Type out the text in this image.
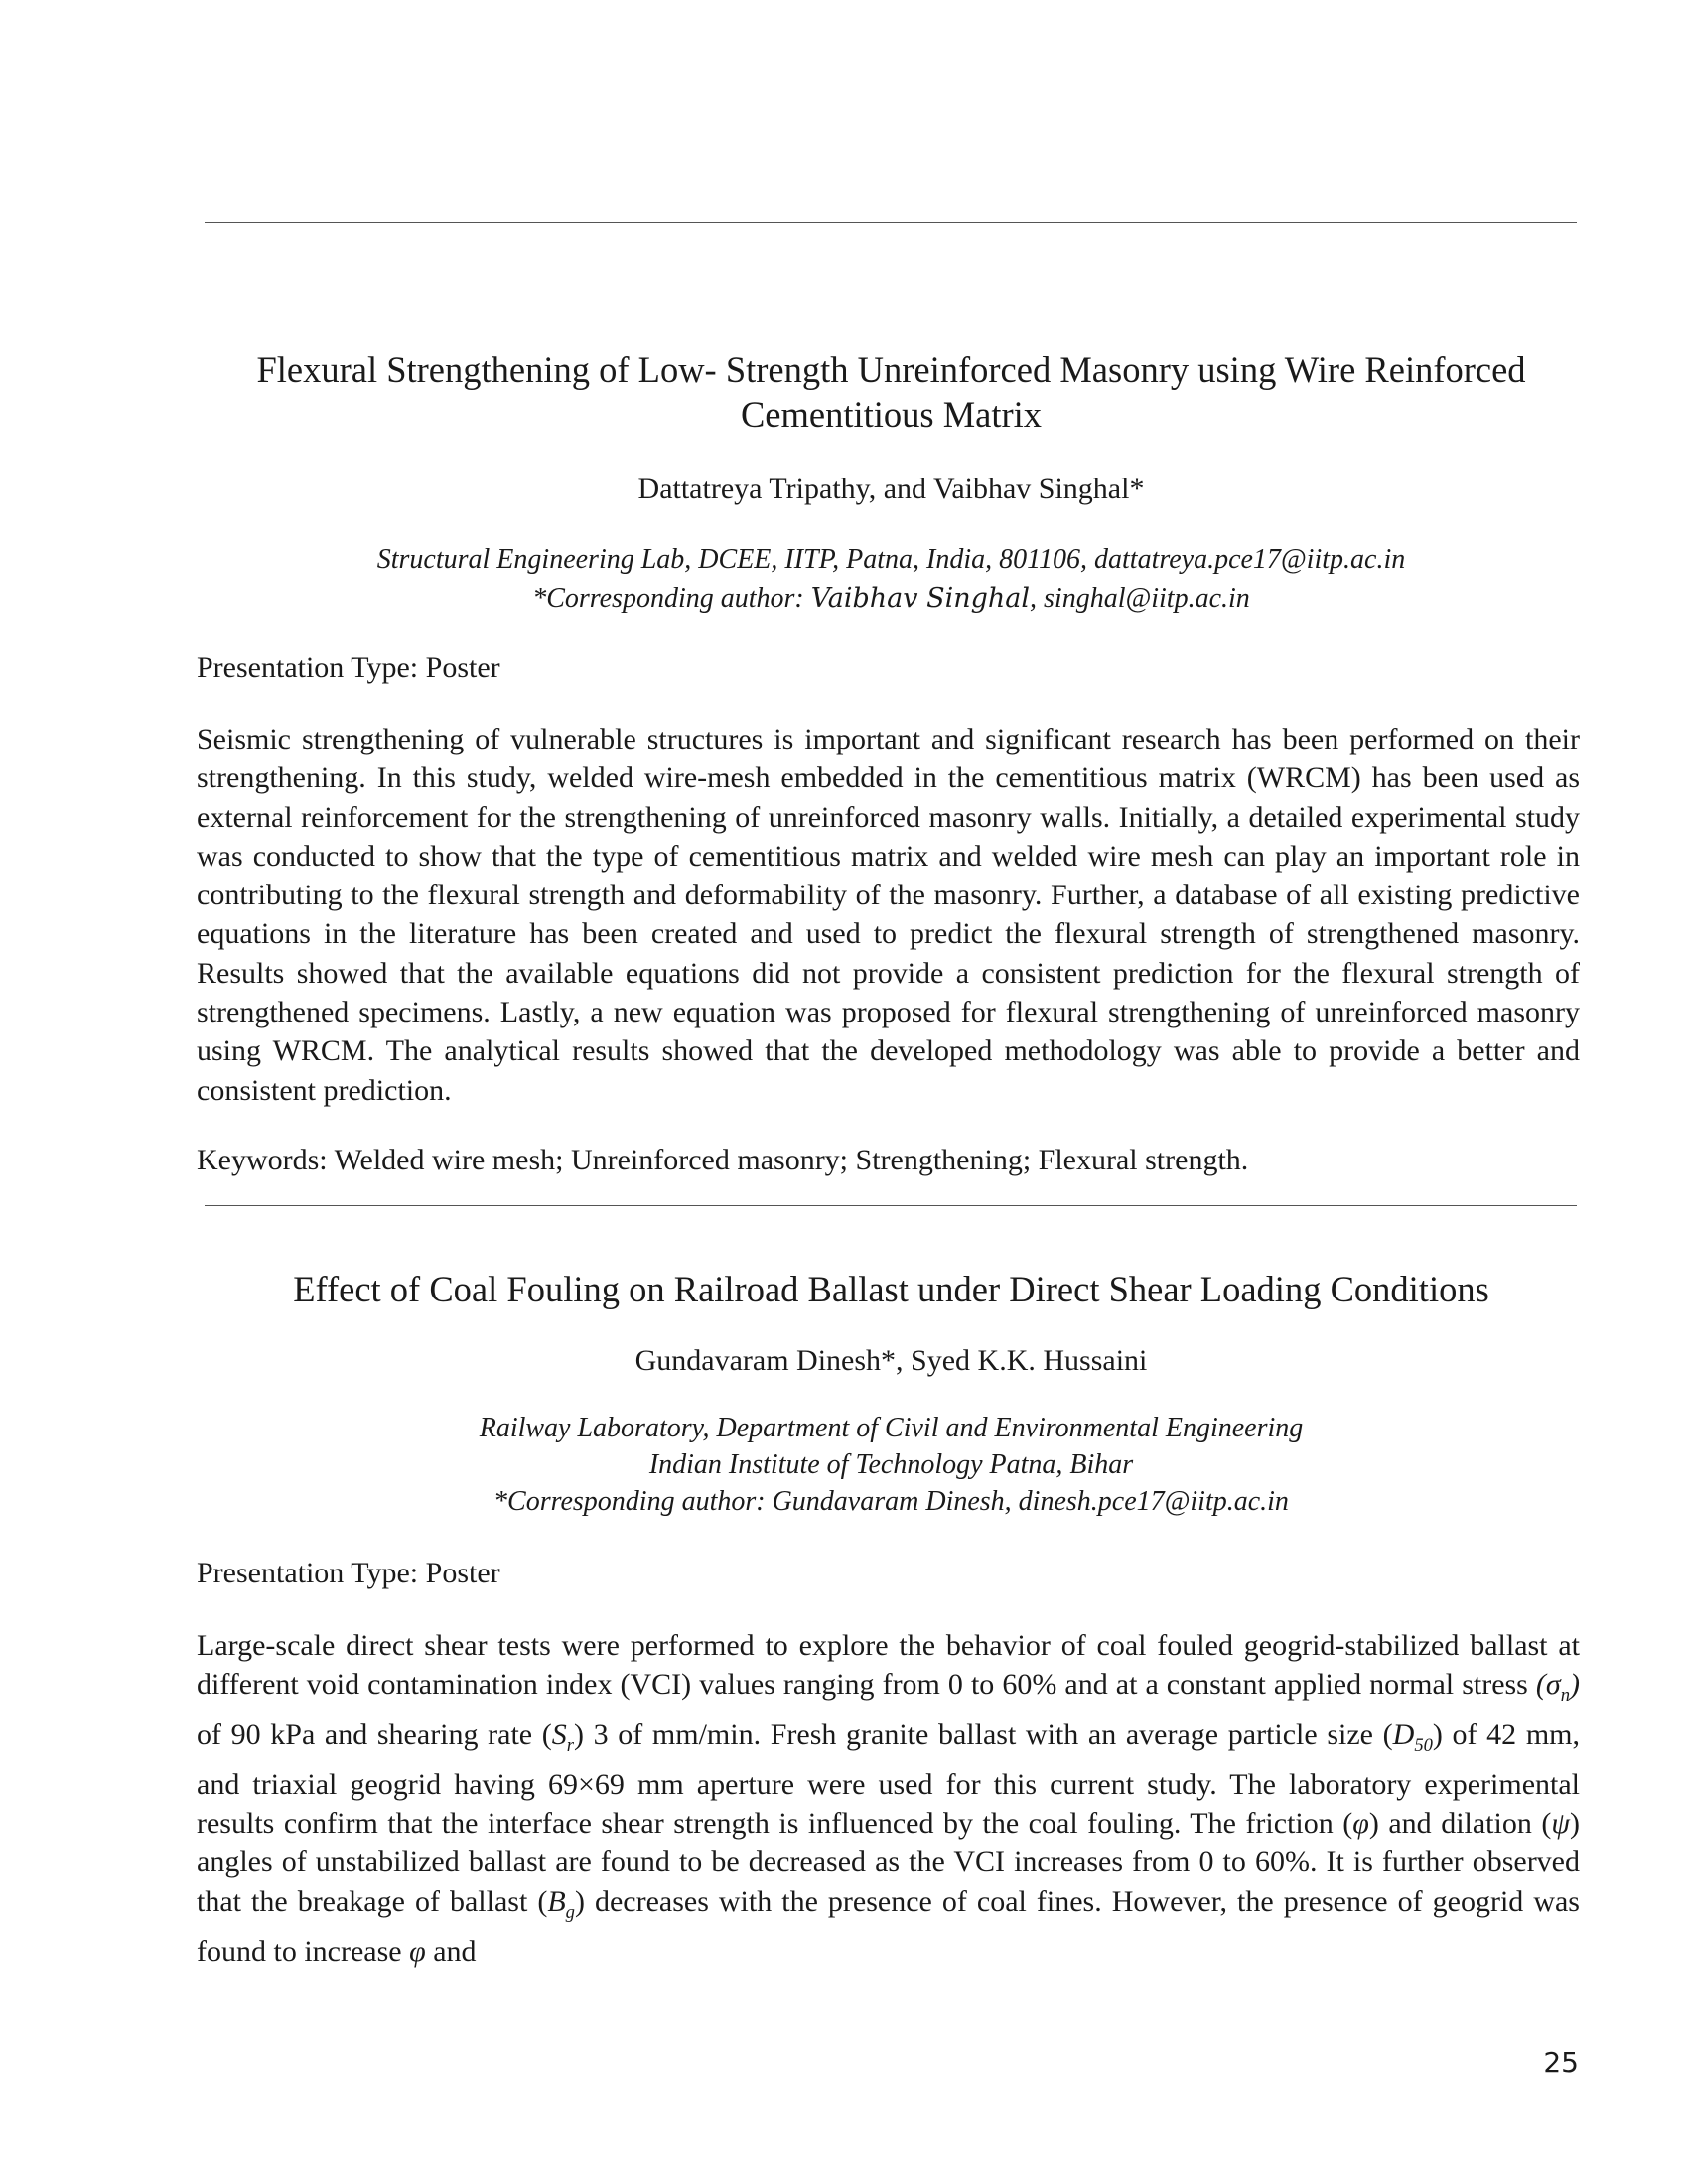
Flexural Strengthening of Low- Strength Unreinforced Masonry using Wire Reinforced Cementitious Matrix
Dattatreya Tripathy, and Vaibhav Singhal*
Structural Engineering Lab, DCEE, IITP, Patna, India, 801106, dattatreya.pce17@iitp.ac.in
*Corresponding author: Vaibhav Singhal, singhal@iitp.ac.in
Presentation Type: Poster

Seismic strengthening of vulnerable structures is important and significant research has been performed on their strengthening. In this study, welded wire-mesh embedded in the cementitious matrix (WRCM) has been used as external reinforcement for the strengthening of unreinforced masonry walls. Initially, a detailed experimental study was conducted to show that the type of cementitious matrix and welded wire mesh can play an important role in contributing to the flexural strength and deformability of the masonry. Further, a database of all existing predictive equations in the literature has been created and used to predict the flexural strength of strengthened masonry. Results showed that the available equations did not provide a consistent prediction for the flexural strength of strengthened specimens. Lastly, a new equation was proposed for flexural strengthening of unreinforced masonry using WRCM. The analytical results showed that the developed methodology was able to provide a better and consistent prediction.

Keywords: Welded wire mesh; Unreinforced masonry; Strengthening; Flexural strength.
Effect of Coal Fouling on Railroad Ballast under Direct Shear Loading Conditions
Gundavaram Dinesh*, Syed K.K. Hussaini
Railway Laboratory, Department of Civil and Environmental Engineering
Indian Institute of Technology Patna, Bihar
*Corresponding author: Gundavaram Dinesh, dinesh.pce17@iitp.ac.in
Presentation Type: Poster

Large-scale direct shear tests were performed to explore the behavior of coal fouled geogrid-stabilized ballast at different void contamination index (VCI) values ranging from 0 to 60% and at a constant applied normal stress $(\sigma_n)$ of 90 kPa and shearing rate $(S_r)$ 3 of mm/min. Fresh granite ballast with an average particle size $(D_{50})$ of 42 mm, and triaxial geogrid having 69×69 mm aperture were used for this current study. The laboratory experimental results confirm that the interface shear strength is influenced by the coal fouling. The friction (φ) and dilation (ψ) angles of unstabilized ballast are found to be decreased as the VCI increases from 0 to 60%. It is further observed that the breakage of ballast $(B_g)$ decreases with the presence of coal fines. However, the presence of geogrid was found to increase φ and

25
